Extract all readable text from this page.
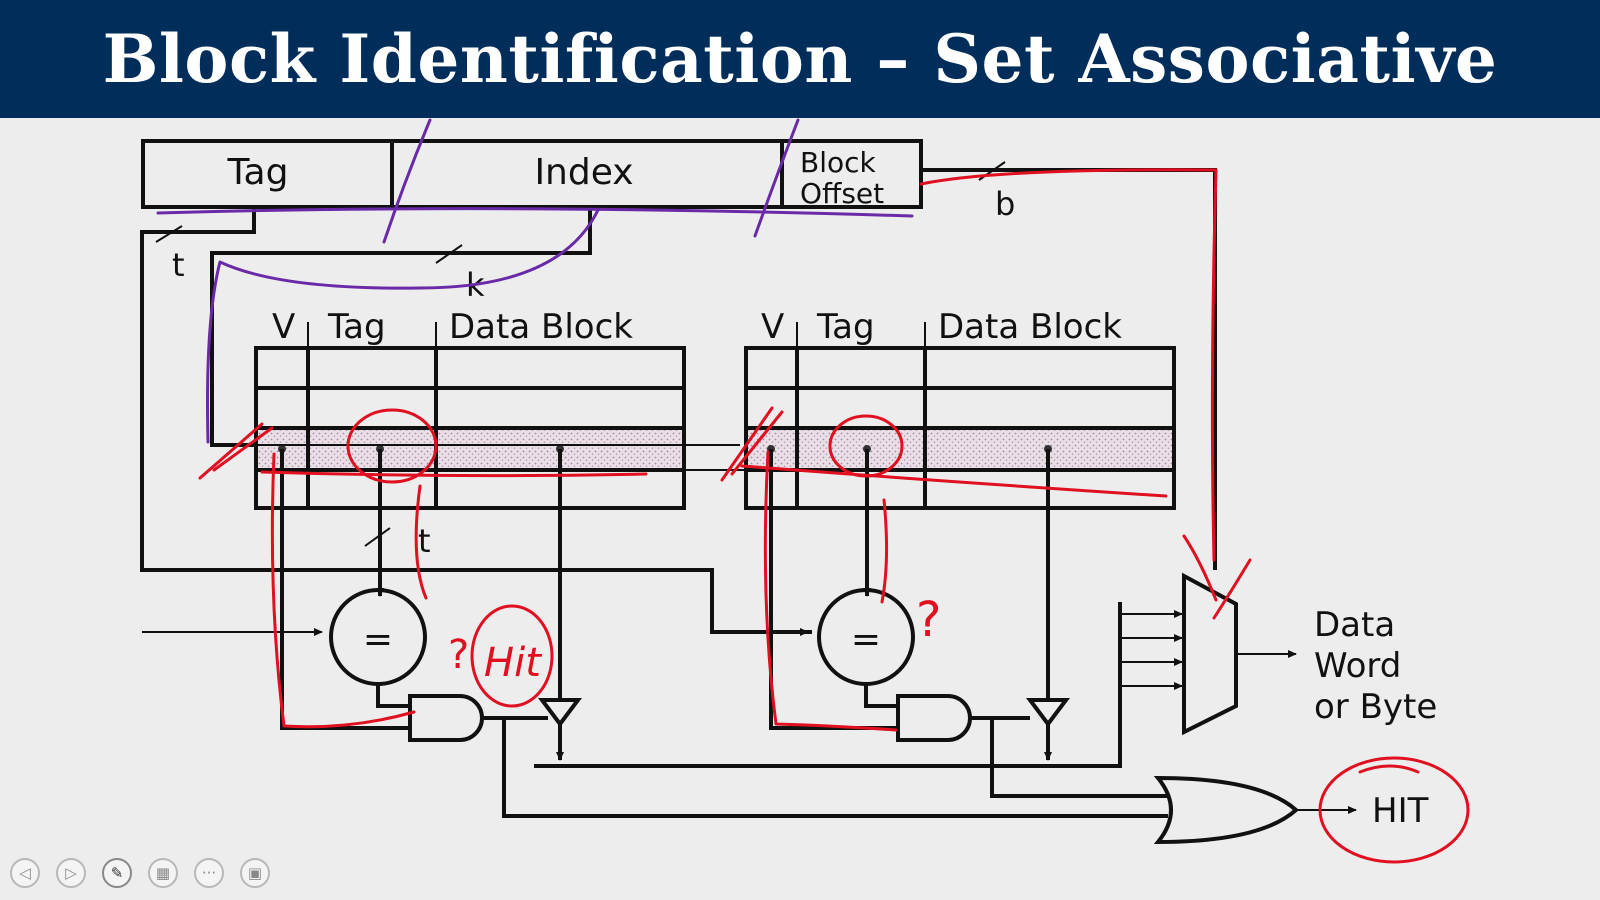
Block Identification – Set Associative
Tag	Index	Block
Offset
t
k
b
V Tag Data Block	V Tag Data Block
t
=	=	Data
Word
or Byte
HIT
?
?
Hit
◁	▷	✎	▦	···	▣
